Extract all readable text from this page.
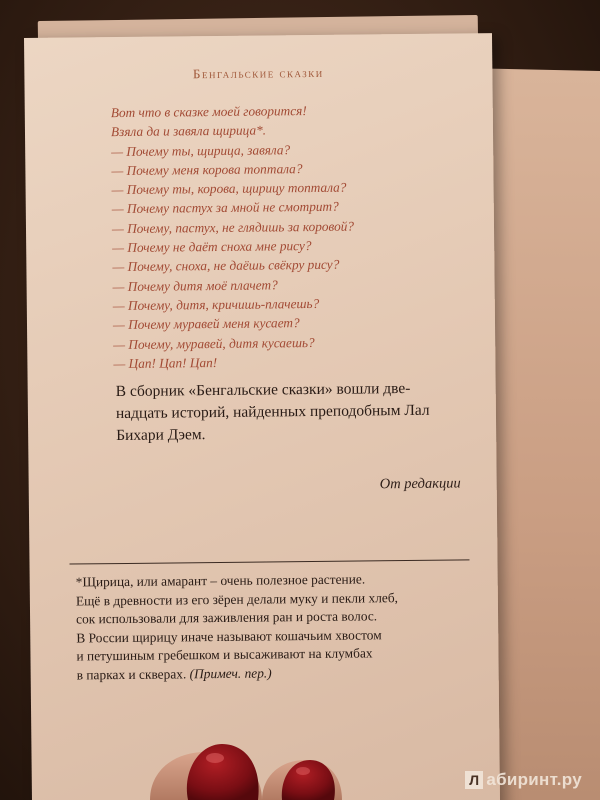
Бенгальские сказки
Вот что в сказке моей говорится!
Взяла да и завяла щирица*.
— Почему ты, щирица, завяла?
— Почему меня корова топтала?
— Почему ты, корова, щирицу топтала?
— Почему пастух за мной не смотрит?
— Почему, пастух, не глядишь за коровой?
— Почему не даёт сноха мне рису?
— Почему, сноха, не даёшь свёкру рису?
— Почему дитя моё плачет?
— Почему, дитя, кричишь-плачешь?
— Почему муравей меня кусает?
— Почему, муравей, дитя кусаешь?
— Цап! Цап! Цап!
В сборник «Бенгальские сказки» вошли две-
надцать историй, найденных преподобным Лал
Бихари Дэем.
От редакции
*Щирица, или амарант – очень полезное растение.
Ещё в древности из его зёрен делали муку и пекли хлеб,
сок использовали для заживления ран и роста волос.
В России щирицу иначе называют кошачьим хвостом
и петушиным гребешком и высаживают на клумбах
в парках и скверах. (Примеч. пер.)
Л абиринт.ру
